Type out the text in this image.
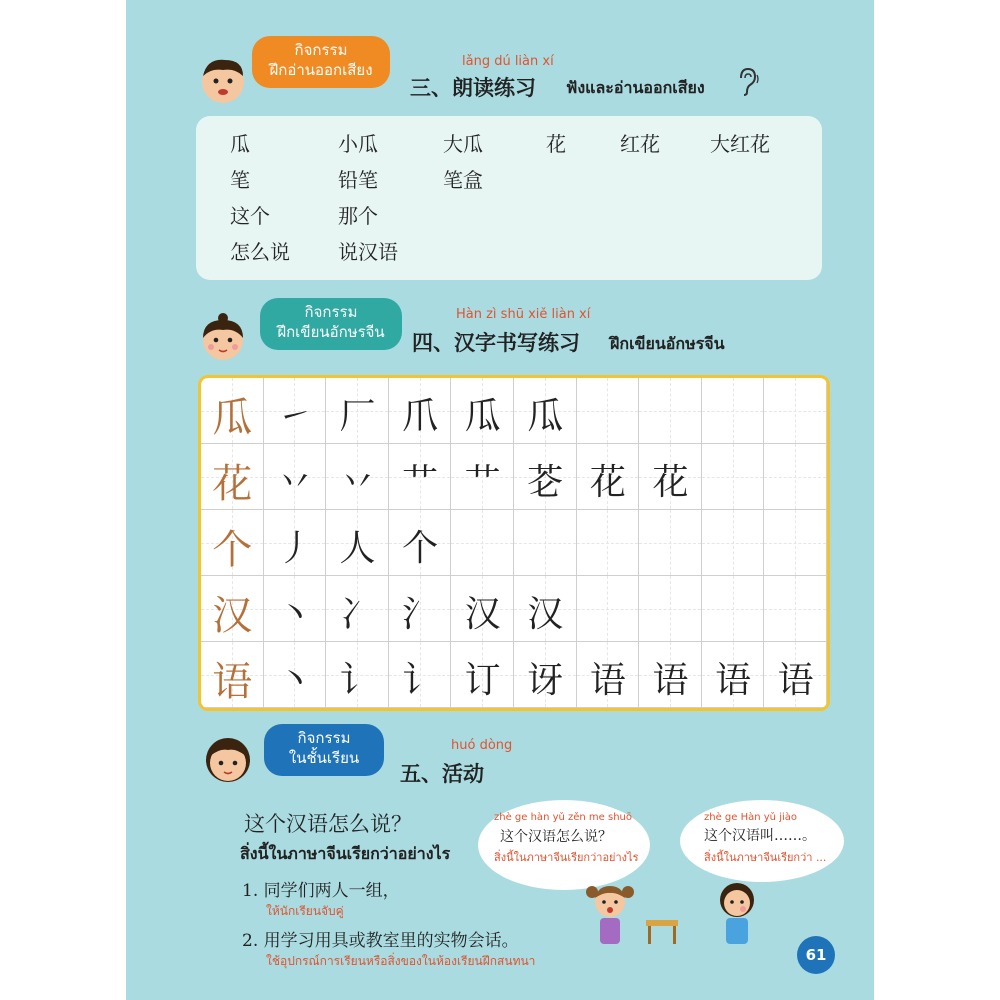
กิจกรรม
ฝึกอ่านออกเสียง	lǎng dú liàn xí
三、朗读练习 ฟังและอ่านออกเสียง
瓜	小瓜	大瓜	花	红花	大红花
笔	铅笔	笔盒
这个	那个
怎么说 说汉语
กิจกรรม
ฝึกเขียนอักษรจีน
Hàn zì shū xiě liàn xí
四、汉字书写练习 ฝึกเขียนอักษรจีน
瓜 ㇀ 厂 爪 瓜 瓜
花 丷 丷 艹 艹 芲 花 花
个 丿 人 个
汉 丶 冫 氵 汉 汉
语 丶 讠 讠 订 讶 语 语 语 语
กิจกรรม
ในชั้นเรียน
huó dòng
五、活动
这个汉语怎么说？
สิ่งนี้ในภาษาจีนเรียกว่าอย่างไร
1. 同学们两人一组，
ให้นักเรียนจับคู่
2. 用学习用具或教室里的实物会话。
ใช้อุปกรณ์การเรียนหรือสิ่งของในห้องเรียนฝึกสนทนา
zhè ge hàn yǔ zěn me shuō
这个汉语怎么说？
สิ่งนี้ในภาษาจีนเรียกว่าอย่างไร
zhè ge Hàn yǔ jiào
这个汉语叫……。
สิ่งนี้ในภาษาจีนเรียกว่า ...
61
